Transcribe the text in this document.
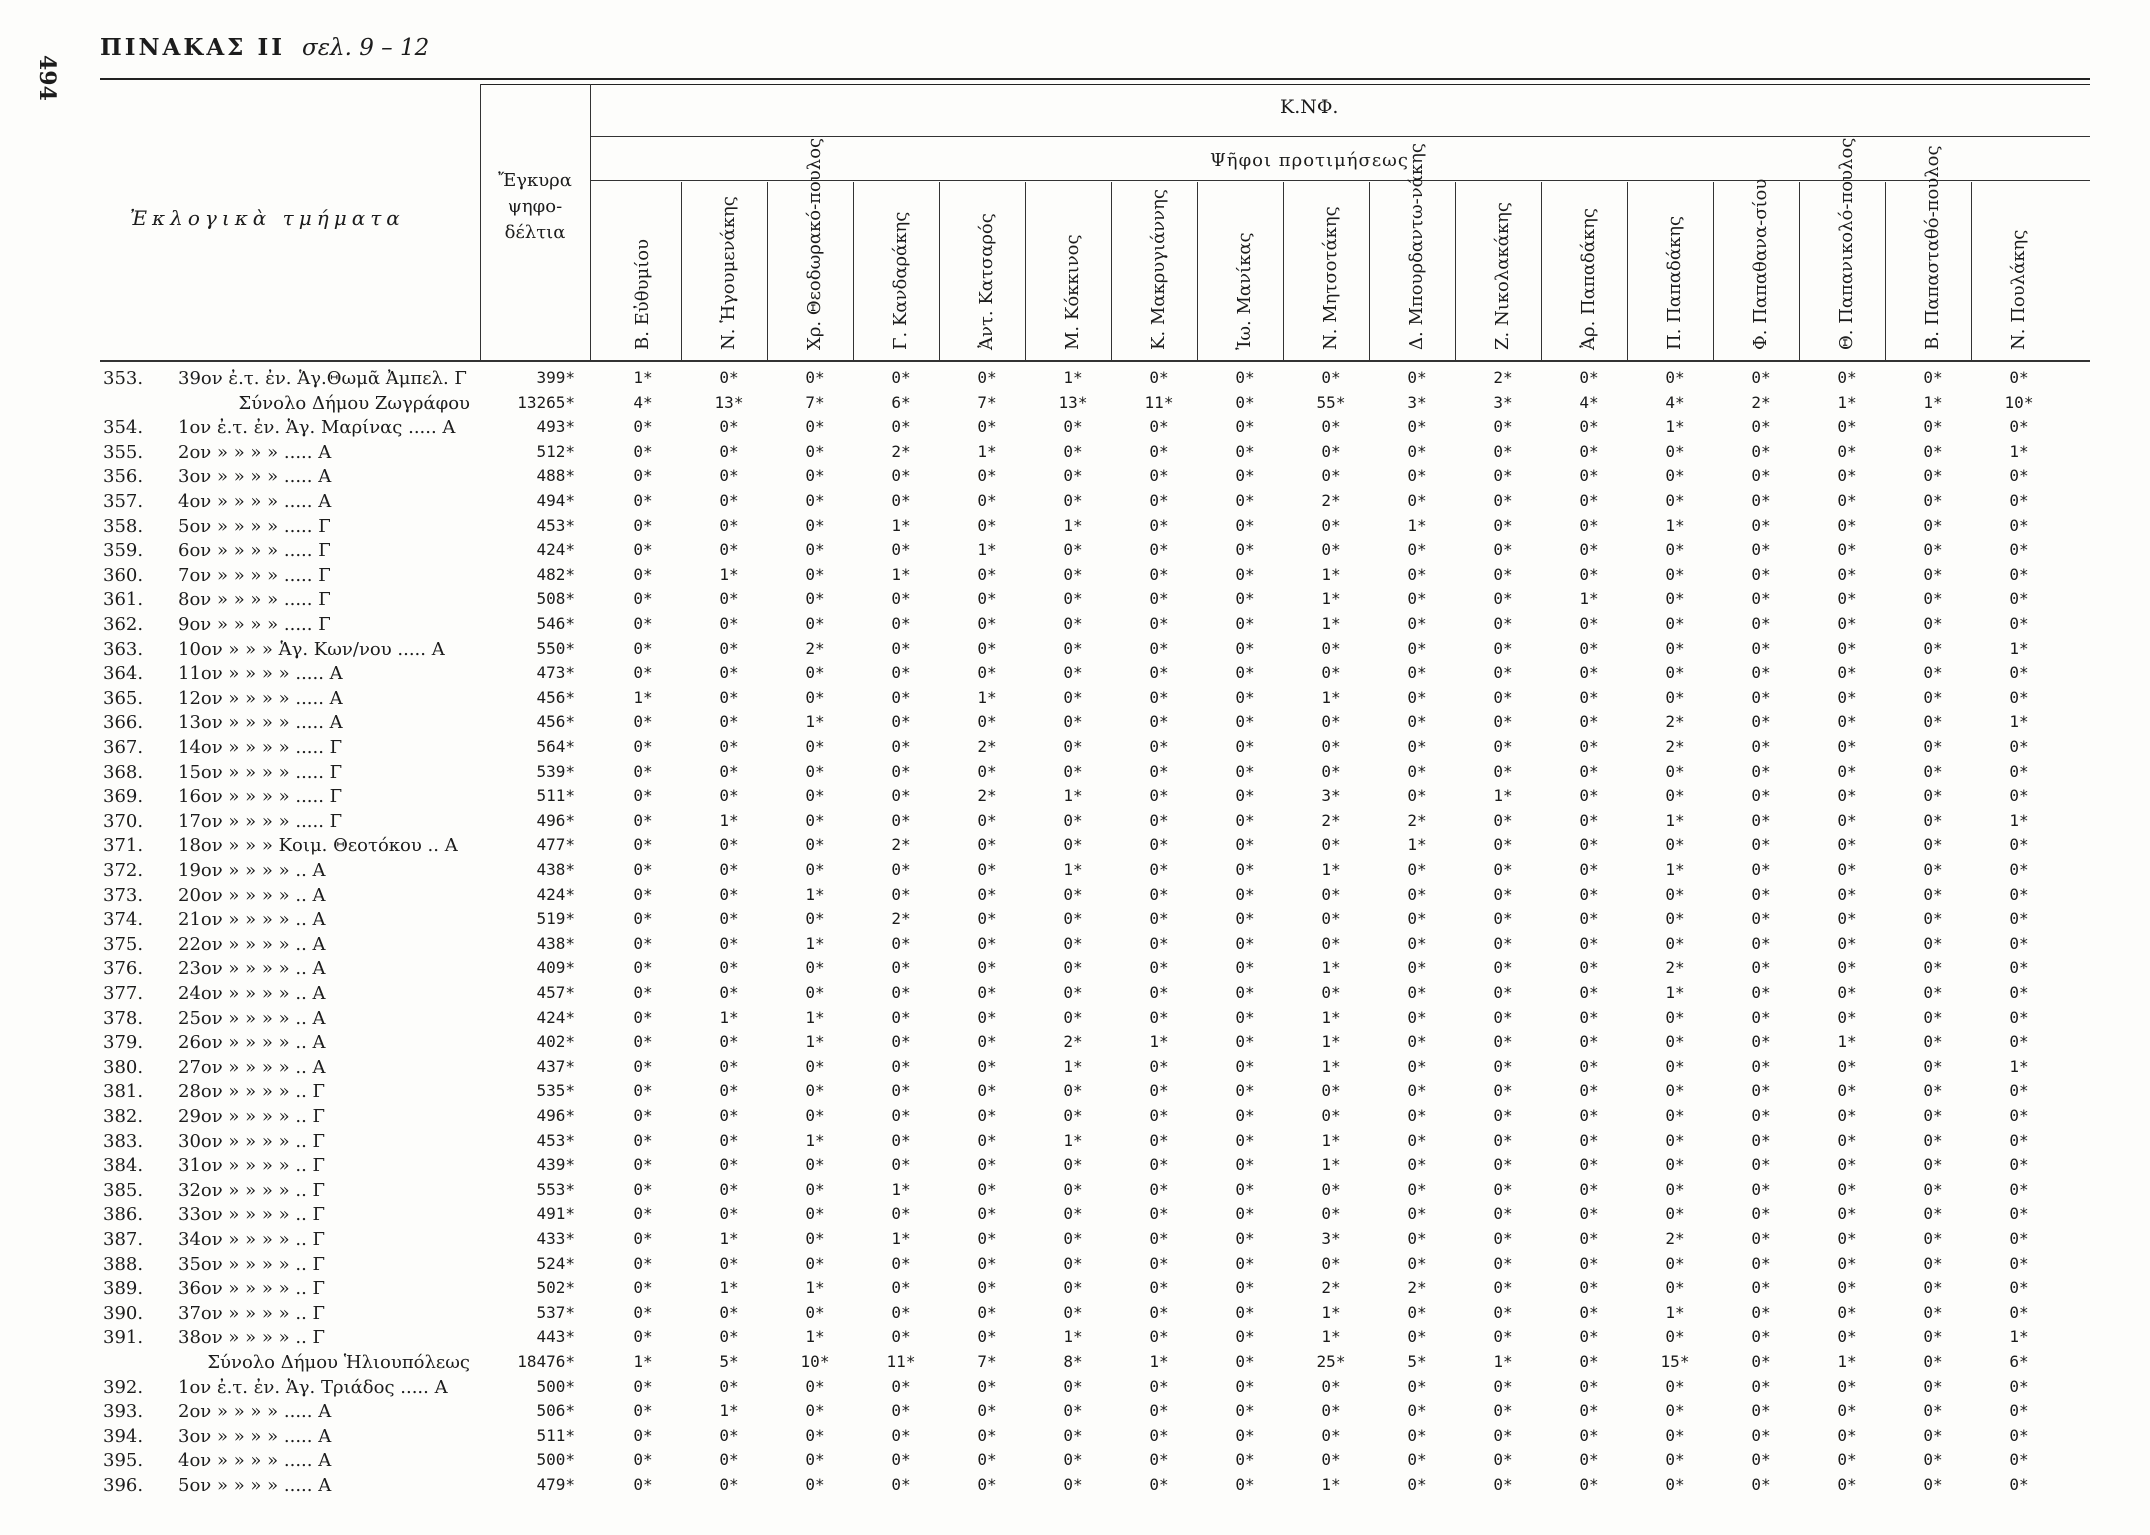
494
ΠΙΝΑΚΑΣ II σελ. 9 – 12
Ἐκλογικὰ τμήματα
Ἔγκυρα
ψηφο-
δέλτια
Κ.ΝΦ.
Ψῆφοι προτιμήσεως
Β. Εὐθυμίου	Ν. Ἡγουμενάκης	Χρ. Θεοδωρακό-πουλος	Γ. Κανδαράκης	Ἀντ. Κατσαρός	Μ. Κόκκινος	Κ. Μακρυγιάννης	Ἰω. Μανίκας	Ν. Μητσοτάκης	Δ. Μπουρδαντω-νάκης	Ζ. Νικολακάκης	Ἀρ. Παπαδάκης	Π. Παπαδάκης	Φ. Παπαθανα-σίου	Θ. Παπανικολό-πουλος	Β. Παπασταθό-πουλος	Ν. Πουλάκης
353.	39ον ἐ.τ. ἐν. Ἁγ.Θωμᾶ Ἀμπελ. Γ	399*	1*	0*	0*	0*	0*	1*	0*	0*	0*	0*	2*	0*	0*	0*	0*	0*	0*
Σύνολο Δήμου Ζωγράφου	13265*	4*	13*	7*	6*	7*	13*	11*	0*	55*	3*	3*	4*	4*	2*	1*	1*	10*
354.	1ον ἐ.τ. ἐν. Ἁγ. Μαρίνας ..... Α	493*	0*	0*	0*	0*	0*	0*	0*	0*	0*	0*	0*	0*	1*	0*	0*	0*	0*
355.	2ον » » » » ..... Α	512*	0*	0*	0*	2*	1*	0*	0*	0*	0*	0*	0*	0*	0*	0*	0*	0*	1*
356.	3ον » » » » ..... Α	488*	0*	0*	0*	0*	0*	0*	0*	0*	0*	0*	0*	0*	0*	0*	0*	0*	0*
357.	4ον » » » » ..... Α	494*	0*	0*	0*	0*	0*	0*	0*	0*	2*	0*	0*	0*	0*	0*	0*	0*	0*
358.	5ον » » » » ..... Γ	453*	0*	0*	0*	1*	0*	1*	0*	0*	0*	1*	0*	0*	1*	0*	0*	0*	0*
359.	6ον » » » » ..... Γ	424*	0*	0*	0*	0*	1*	0*	0*	0*	0*	0*	0*	0*	0*	0*	0*	0*	0*
360.	7ον » » » » ..... Γ	482*	0*	1*	0*	1*	0*	0*	0*	0*	1*	0*	0*	0*	0*	0*	0*	0*	0*
361.	8ον » » » » ..... Γ	508*	0*	0*	0*	0*	0*	0*	0*	0*	1*	0*	0*	1*	0*	0*	0*	0*	0*
362.	9ον » » » » ..... Γ	546*	0*	0*	0*	0*	0*	0*	0*	0*	1*	0*	0*	0*	0*	0*	0*	0*	0*
363.	10ον » » » Ἁγ. Κων/νου ..... Α	550*	0*	0*	2*	0*	0*	0*	0*	0*	0*	0*	0*	0*	0*	0*	0*	0*	1*
364.	11ον » » » » ..... Α	473*	0*	0*	0*	0*	0*	0*	0*	0*	0*	0*	0*	0*	0*	0*	0*	0*	0*
365.	12ον » » » » ..... Α	456*	1*	0*	0*	0*	1*	0*	0*	0*	1*	0*	0*	0*	0*	0*	0*	0*	0*
366.	13ον » » » » ..... Α	456*	0*	0*	1*	0*	0*	0*	0*	0*	0*	0*	0*	0*	2*	0*	0*	0*	1*
367.	14ον » » » » ..... Γ	564*	0*	0*	0*	0*	2*	0*	0*	0*	0*	0*	0*	0*	2*	0*	0*	0*	0*
368.	15ον » » » » ..... Γ	539*	0*	0*	0*	0*	0*	0*	0*	0*	0*	0*	0*	0*	0*	0*	0*	0*	0*
369.	16ον » » » » ..... Γ	511*	0*	0*	0*	0*	2*	1*	0*	0*	3*	0*	1*	0*	0*	0*	0*	0*	0*
370.	17ον » » » » ..... Γ	496*	0*	1*	0*	0*	0*	0*	0*	0*	2*	2*	0*	0*	1*	0*	0*	0*	1*
371.	18ον » » » Κοιμ. Θεοτόκου .. Α	477*	0*	0*	0*	2*	0*	0*	0*	0*	0*	1*	0*	0*	0*	0*	0*	0*	0*
372.	19ον » » » » .. Α	438*	0*	0*	0*	0*	0*	1*	0*	0*	1*	0*	0*	0*	1*	0*	0*	0*	0*
373.	20ον » » » » .. Α	424*	0*	0*	1*	0*	0*	0*	0*	0*	0*	0*	0*	0*	0*	0*	0*	0*	0*
374.	21ον » » » » .. Α	519*	0*	0*	0*	2*	0*	0*	0*	0*	0*	0*	0*	0*	0*	0*	0*	0*	0*
375.	22ον » » » » .. Α	438*	0*	0*	1*	0*	0*	0*	0*	0*	0*	0*	0*	0*	0*	0*	0*	0*	0*
376.	23ον » » » » .. Α	409*	0*	0*	0*	0*	0*	0*	0*	0*	1*	0*	0*	0*	2*	0*	0*	0*	0*
377.	24ον » » » » .. Α	457*	0*	0*	0*	0*	0*	0*	0*	0*	0*	0*	0*	0*	1*	0*	0*	0*	0*
378.	25ον » » » » .. Α	424*	0*	1*	1*	0*	0*	0*	0*	0*	1*	0*	0*	0*	0*	0*	0*	0*	0*
379.	26ον » » » » .. Α	402*	0*	0*	1*	0*	0*	2*	1*	0*	1*	0*	0*	0*	0*	0*	1*	0*	0*
380.	27ον » » » » .. Α	437*	0*	0*	0*	0*	0*	1*	0*	0*	1*	0*	0*	0*	0*	0*	0*	0*	1*
381.	28ον » » » » .. Γ	535*	0*	0*	0*	0*	0*	0*	0*	0*	0*	0*	0*	0*	0*	0*	0*	0*	0*
382.	29ον » » » » .. Γ	496*	0*	0*	0*	0*	0*	0*	0*	0*	0*	0*	0*	0*	0*	0*	0*	0*	0*
383.	30ον » » » » .. Γ	453*	0*	0*	1*	0*	0*	1*	0*	0*	1*	0*	0*	0*	0*	0*	0*	0*	0*
384.	31ον » » » » .. Γ	439*	0*	0*	0*	0*	0*	0*	0*	0*	1*	0*	0*	0*	0*	0*	0*	0*	0*
385.	32ον » » » » .. Γ	553*	0*	0*	0*	1*	0*	0*	0*	0*	0*	0*	0*	0*	0*	0*	0*	0*	0*
386.	33ον » » » » .. Γ	491*	0*	0*	0*	0*	0*	0*	0*	0*	0*	0*	0*	0*	0*	0*	0*	0*	0*
387.	34ον » » » » .. Γ	433*	0*	1*	0*	1*	0*	0*	0*	0*	3*	0*	0*	0*	2*	0*	0*	0*	0*
388.	35ον » » » » .. Γ	524*	0*	0*	0*	0*	0*	0*	0*	0*	0*	0*	0*	0*	0*	0*	0*	0*	0*
389.	36ον » » » » .. Γ	502*	0*	1*	1*	0*	0*	0*	0*	0*	2*	2*	0*	0*	0*	0*	0*	0*	0*
390.	37ον » » » » .. Γ	537*	0*	0*	0*	0*	0*	0*	0*	0*	1*	0*	0*	0*	1*	0*	0*	0*	0*
391.	38ον » » » » .. Γ	443*	0*	0*	1*	0*	0*	1*	0*	0*	1*	0*	0*	0*	0*	0*	0*	0*	1*
Σύνολο Δήμου Ἡλιουπόλεως	18476*	1*	5*	10*	11*	7*	8*	1*	0*	25*	5*	1*	0*	15*	0*	1*	0*	6*
392.	1ον ἐ.τ. ἐν. Ἁγ. Τριάδος ..... Α	500*	0*	0*	0*	0*	0*	0*	0*	0*	0*	0*	0*	0*	0*	0*	0*	0*	0*
393.	2ον » » » » ..... Α	506*	0*	1*	0*	0*	0*	0*	0*	0*	0*	0*	0*	0*	0*	0*	0*	0*	0*
394.	3ον » » » » ..... Α	511*	0*	0*	0*	0*	0*	0*	0*	0*	0*	0*	0*	0*	0*	0*	0*	0*	0*
395.	4ον » » » » ..... Α	500*	0*	0*	0*	0*	0*	0*	0*	0*	0*	0*	0*	0*	0*	0*	0*	0*	0*
396.	5ον » » » » ..... Α	479*	0*	0*	0*	0*	0*	0*	0*	0*	1*	0*	0*	0*	0*	0*	0*	0*	0*
